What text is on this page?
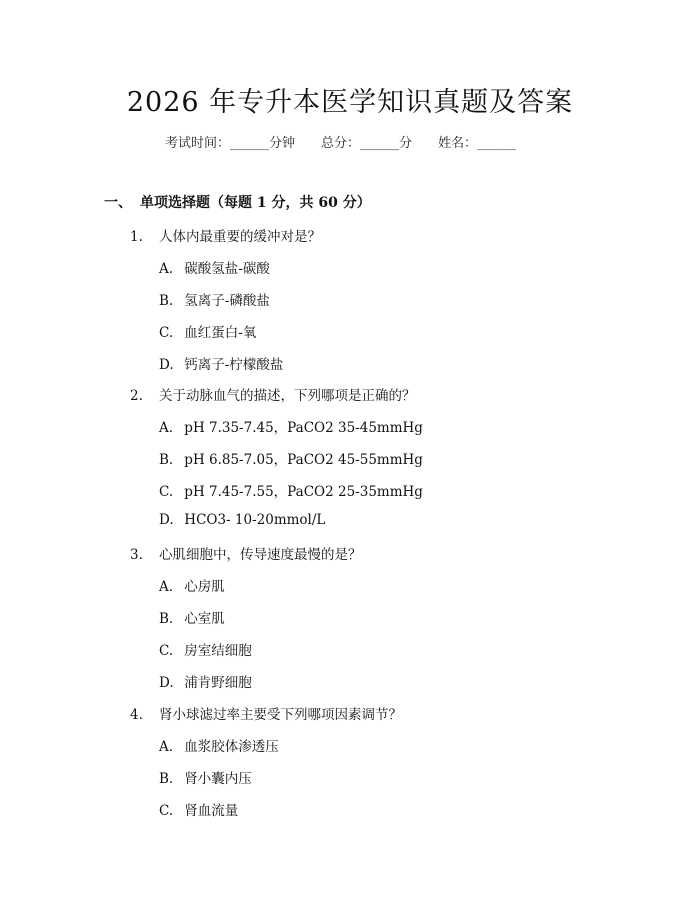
2026 年专升本医学知识真题及答案
考试时间：______分钟 总分：______分 姓名：______
一、 单项选择题（每题 1 分，共 60 分）
1. 人体内最重要的缓冲对是？
A. 碳酸氢盐-碳酸
B. 氢离子-磷酸盐
C. 血红蛋白-氧
D. 钙离子-柠檬酸盐
2. 关于动脉血气的描述，下列哪项是正确的？
A. pH 7.35-7.45，PaCO2 35-45mmHg
B. pH 6.85-7.05，PaCO2 45-55mmHg
C. pH 7.45-7.55，PaCO2 25-35mmHg
D. HCO3- 10-20mmol/L
3. 心肌细胞中，传导速度最慢的是？
A. 心房肌
B. 心室肌
C. 房室结细胞
D. 浦肯野细胞
4. 肾小球滤过率主要受下列哪项因素调节？
A. 血浆胶体渗透压
B. 肾小囊内压
C. 肾血流量
